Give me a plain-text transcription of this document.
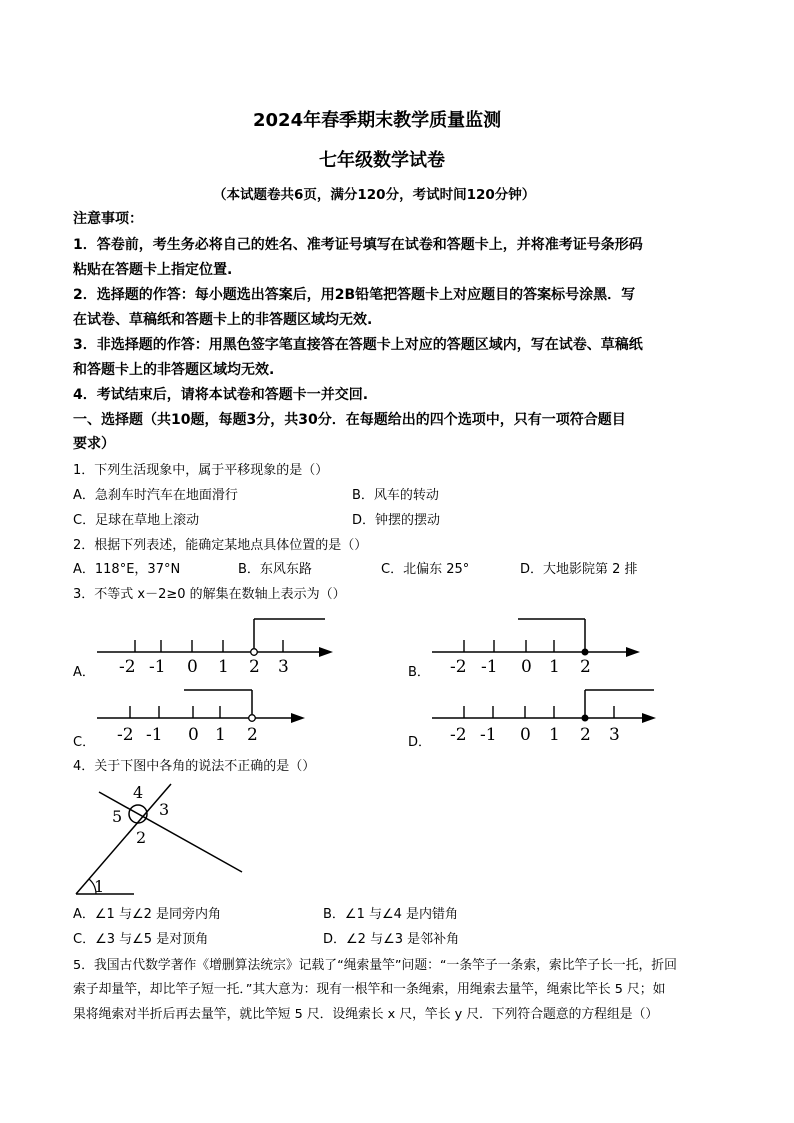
2024年春季期末教学质量监测
七年级数学试卷
（本试题卷共6页，满分120分，考试时间120分钟）
注意事项：
1．答卷前，考生务必将自己的姓名、准考证号填写在试卷和答题卡上，并将准考证号条形码
粘贴在答题卡上指定位置.
2．选择题的作答：每小题选出答案后，用2B铅笔把答题卡上对应题目的答案标号涂黑．写
在试卷、草稿纸和答题卡上的非答题区域均无效.
3．非选择题的作答：用黑色签字笔直接答在答题卡上对应的答题区域内，写在试卷、草稿纸
和答题卡上的非答题区域均无效.
4．考试结束后，请将本试卷和答题卡一并交回.
一、选择题（共10题，每题3分，共30分．在每题给出的四个选项中，只有一项符合题目
要求）
1．下列生活现象中，属于平移现象的是（）
A．急刹车时汽车在地面滑行	B．风车的转动
C．足球在草地上滚动	D．钟摆的摆动
2．根据下列表述，能确定某地点具体位置的是（）
A．118°E，37°N	B．东风东路	C．北偏东 25°	D．大地影院第 2 排
3．不等式 x－2≥0 的解集在数轴上表示为（）
A． -2 -1 0 1 2 3	B． -2 -1 0 1 2
C． -2 -1 0 1 2	D． -2 -1 0 1 2 3
4．关于下图中各角的说法不正确的是（）
4
3
5
2
1
A．∠1 与∠2 是同旁内角	B．∠1 与∠4 是内错角
C．∠3 与∠5 是对顶角	D．∠2 与∠3 是邻补角
5．我国古代数学著作《增删算法统宗》记载了“绳索量竿”问题：“一条竿子一条索，索比竿子长一托，折回
索子却量竿，却比竿子短一托．”其大意为：现有一根竿和一条绳索，用绳索去量竿，绳索比竿长 5 尺；如
果将绳索对半折后再去量竿，就比竿短 5 尺．设绳索长 x 尺，竿长 y 尺．下列符合题意的方程组是（）
